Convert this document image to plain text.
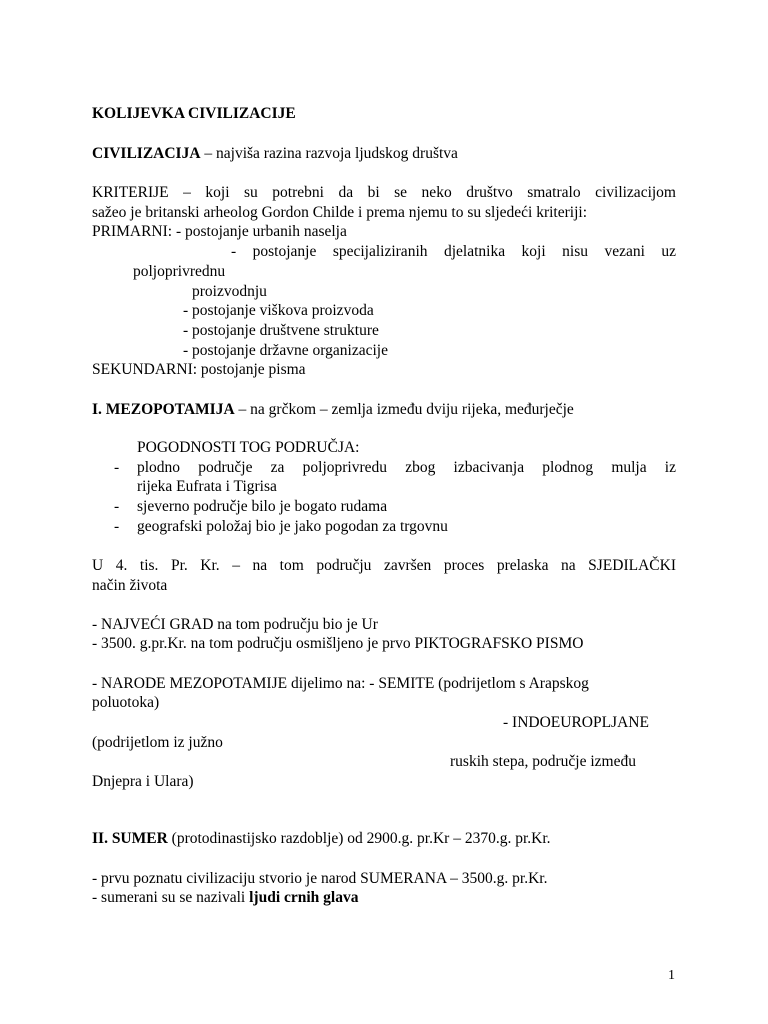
KOLIJEVKA CIVILIZACIJE
CIVILIZACIJA – najviša razina razvoja ljudskog društva
KRITERIJE – koji su potrebni da bi se neko društvo smatralo civilizacijom
sažeo je britanski arheolog Gordon Childe i prema njemu to su sljedeći kriteriji:
PRIMARNI: - postojanje urbanih naselja
- postojanje specijaliziranih djelatnika koji nisu vezani uz
poljoprivrednu
proizvodnju
- postojanje viškova proizvoda
- postojanje društvene strukture
- postojanje državne organizacije
SEKUNDARNI: postojanje pisma
I. MEZOPOTAMIJA – na grčkom – zemlja između dviju rijeka, međurječje
POGODNOSTI TOG PODRUČJA:
- plodno područje za poljoprivredu zbog izbacivanja plodnog mulja iz
rijeka Eufrata i Tigrisa
- sjeverno područje bilo je bogato rudama
- geografski položaj bio je jako pogodan za trgovnu
U 4. tis. Pr. Kr. – na tom području završen proces prelaska na SJEDILAČKI
način života
- NAJVEĆI GRAD na tom području bio je Ur
- 3500. g.pr.Kr. na tom području osmišljeno je prvo PIKTOGRAFSKO PISMO
- NARODE MEZOPOTAMIJE dijelimo na: - SEMITE (podrijetlom s Arapskog
poluotoka)
- INDOEUROPLJANE
(podrijetlom iz južno
ruskih stepa, područje između
Dnjepra i Ulara)
II. SUMER (protodinastijsko razdoblje) od 2900.g. pr.Kr – 2370.g. pr.Kr.
- prvu poznatu civilizaciju stvorio je narod SUMERANA – 3500.g. pr.Kr.
- sumerani su se nazivali ljudi crnih glava
1
